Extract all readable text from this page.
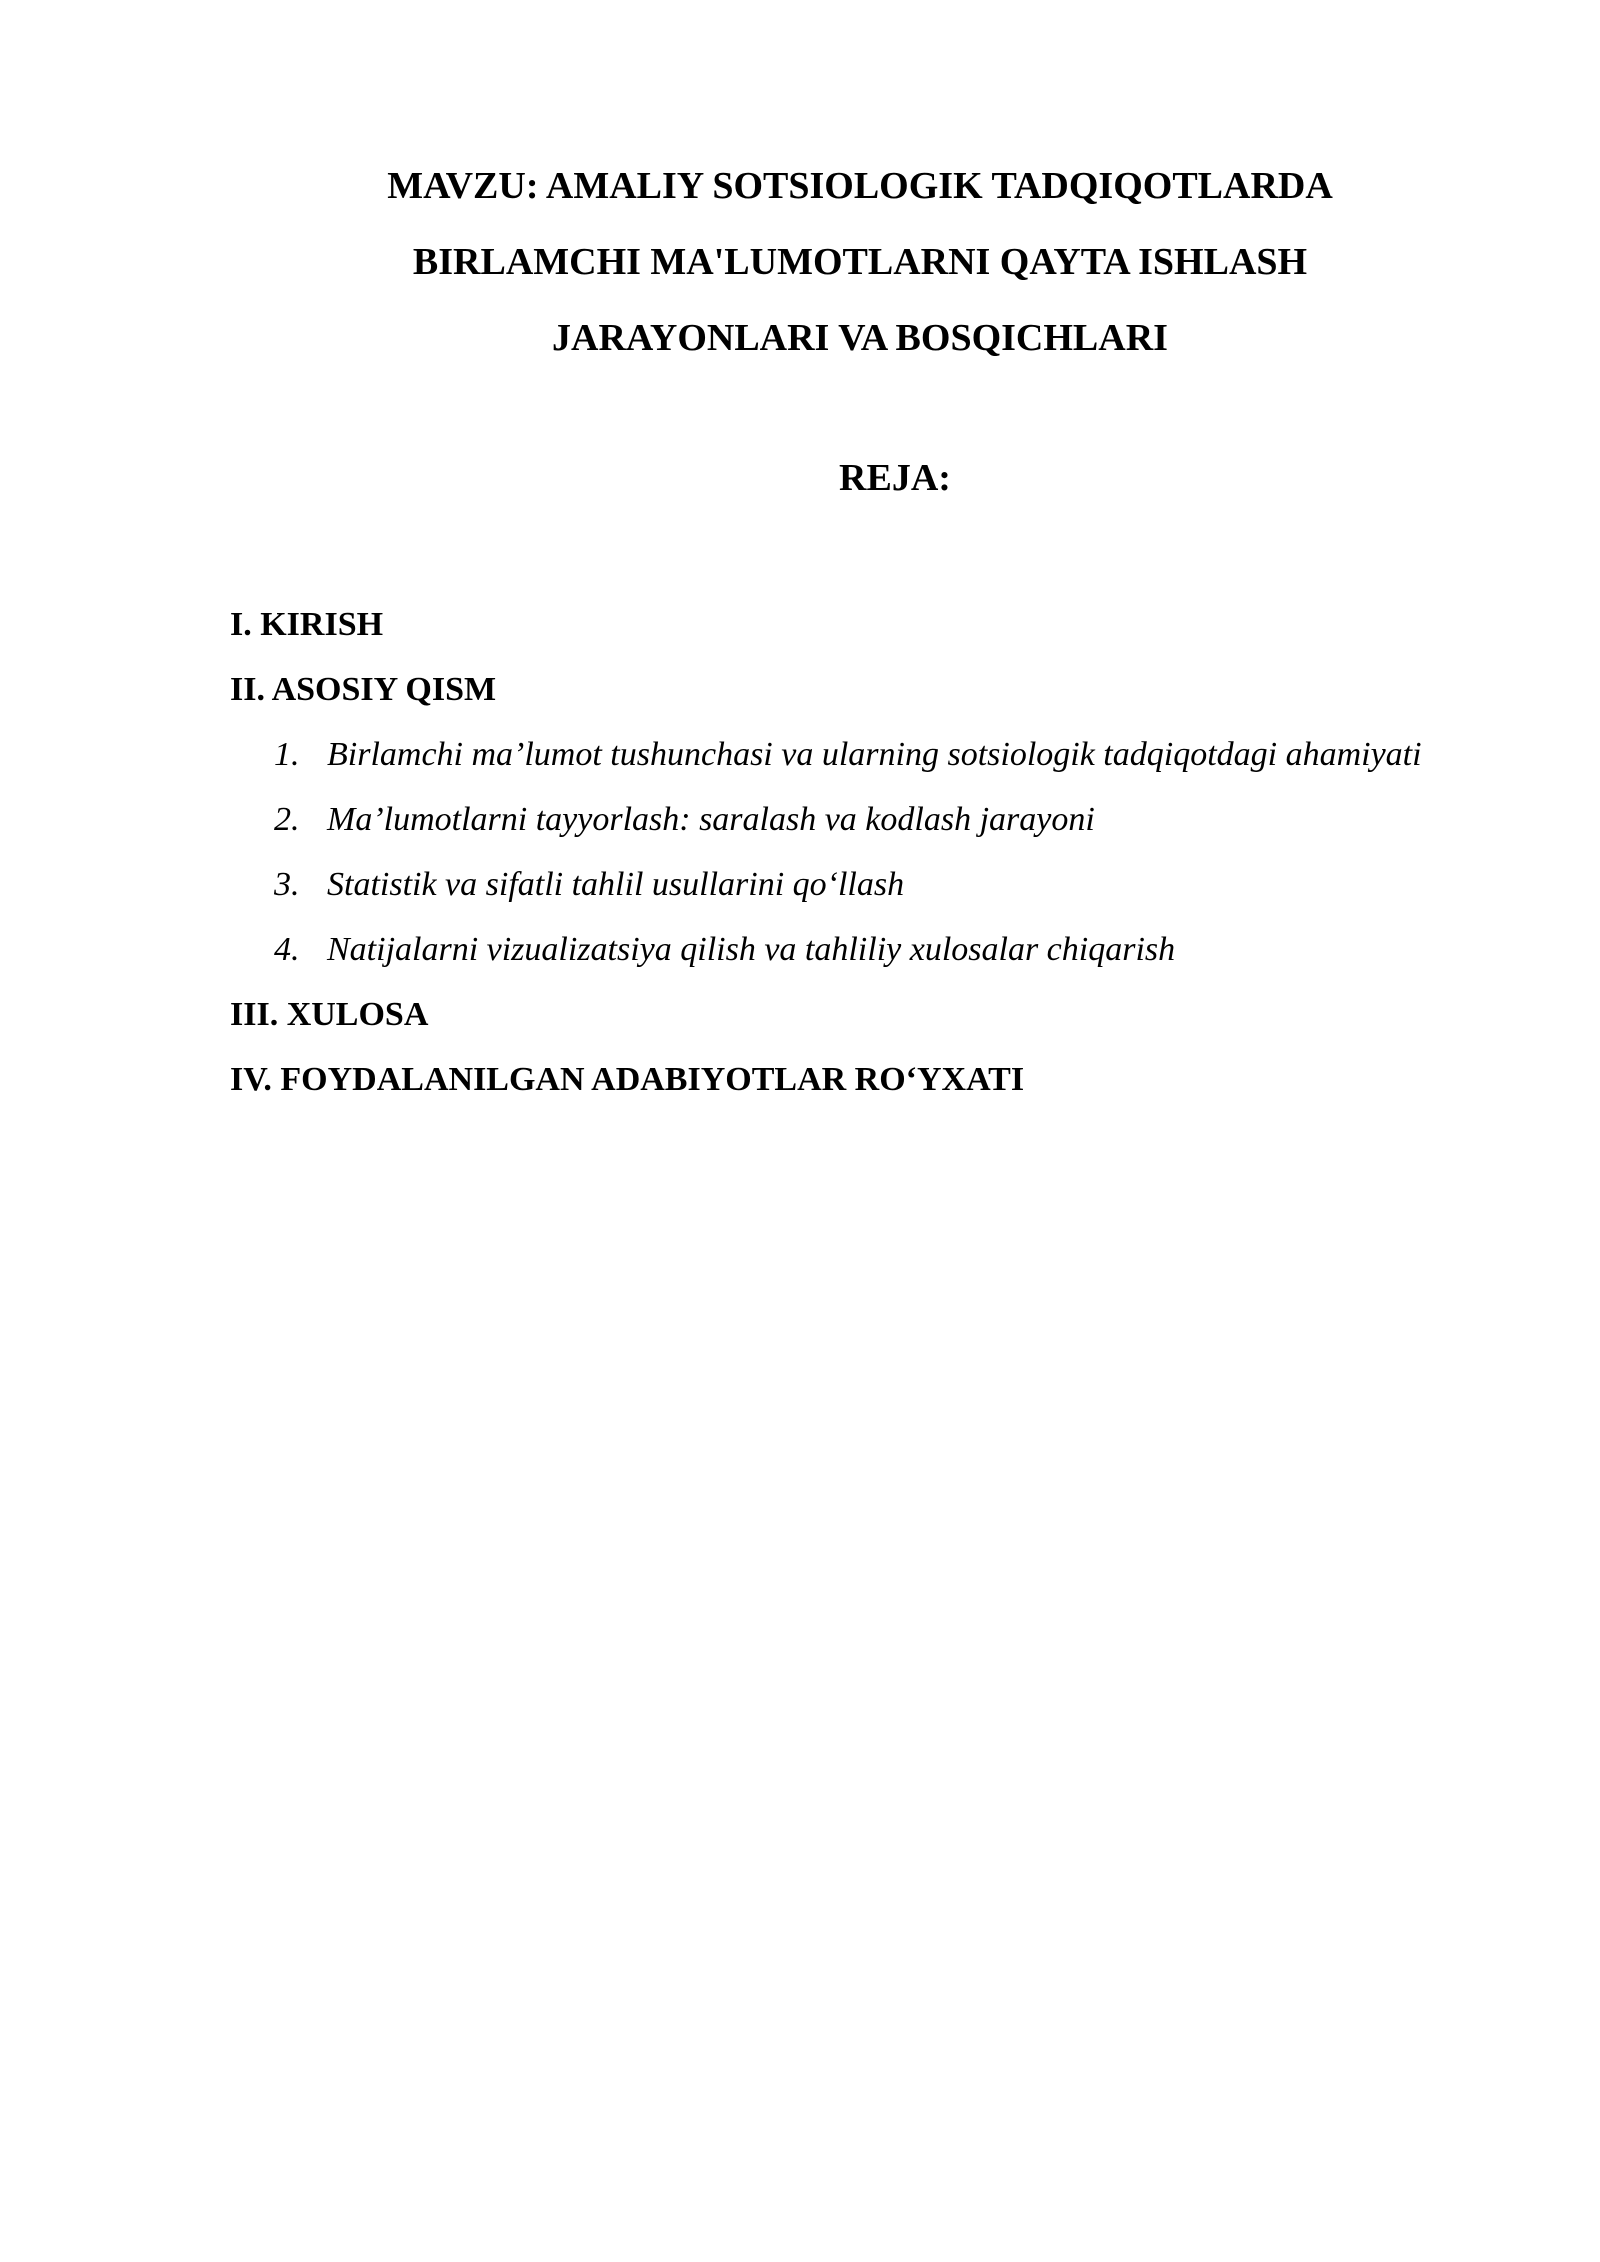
MAVZU: AMALIY SOTSIOLOGIK TADQIQOTLARDA
BIRLAMCHI MA'LUMOTLARNI QAYTA ISHLASH
JARAYONLARI VA BOSQICHLARI
REJA:
I. KIRISH
II. ASOSIY QISM
1. Birlamchi ma’lumot tushunchasi va ularning sotsiologik tadqiqotdagi ahamiyati
2. Ma’lumotlarni tayyorlash: saralash va kodlash jarayoni
3. Statistik va sifatli tahlil usullarini qo‘llash
4. Natijalarni vizualizatsiya qilish va tahliliy xulosalar chiqarish
III. XULOSA
IV. FOYDALANILGAN ADABIYOTLAR RO‘YXATI
